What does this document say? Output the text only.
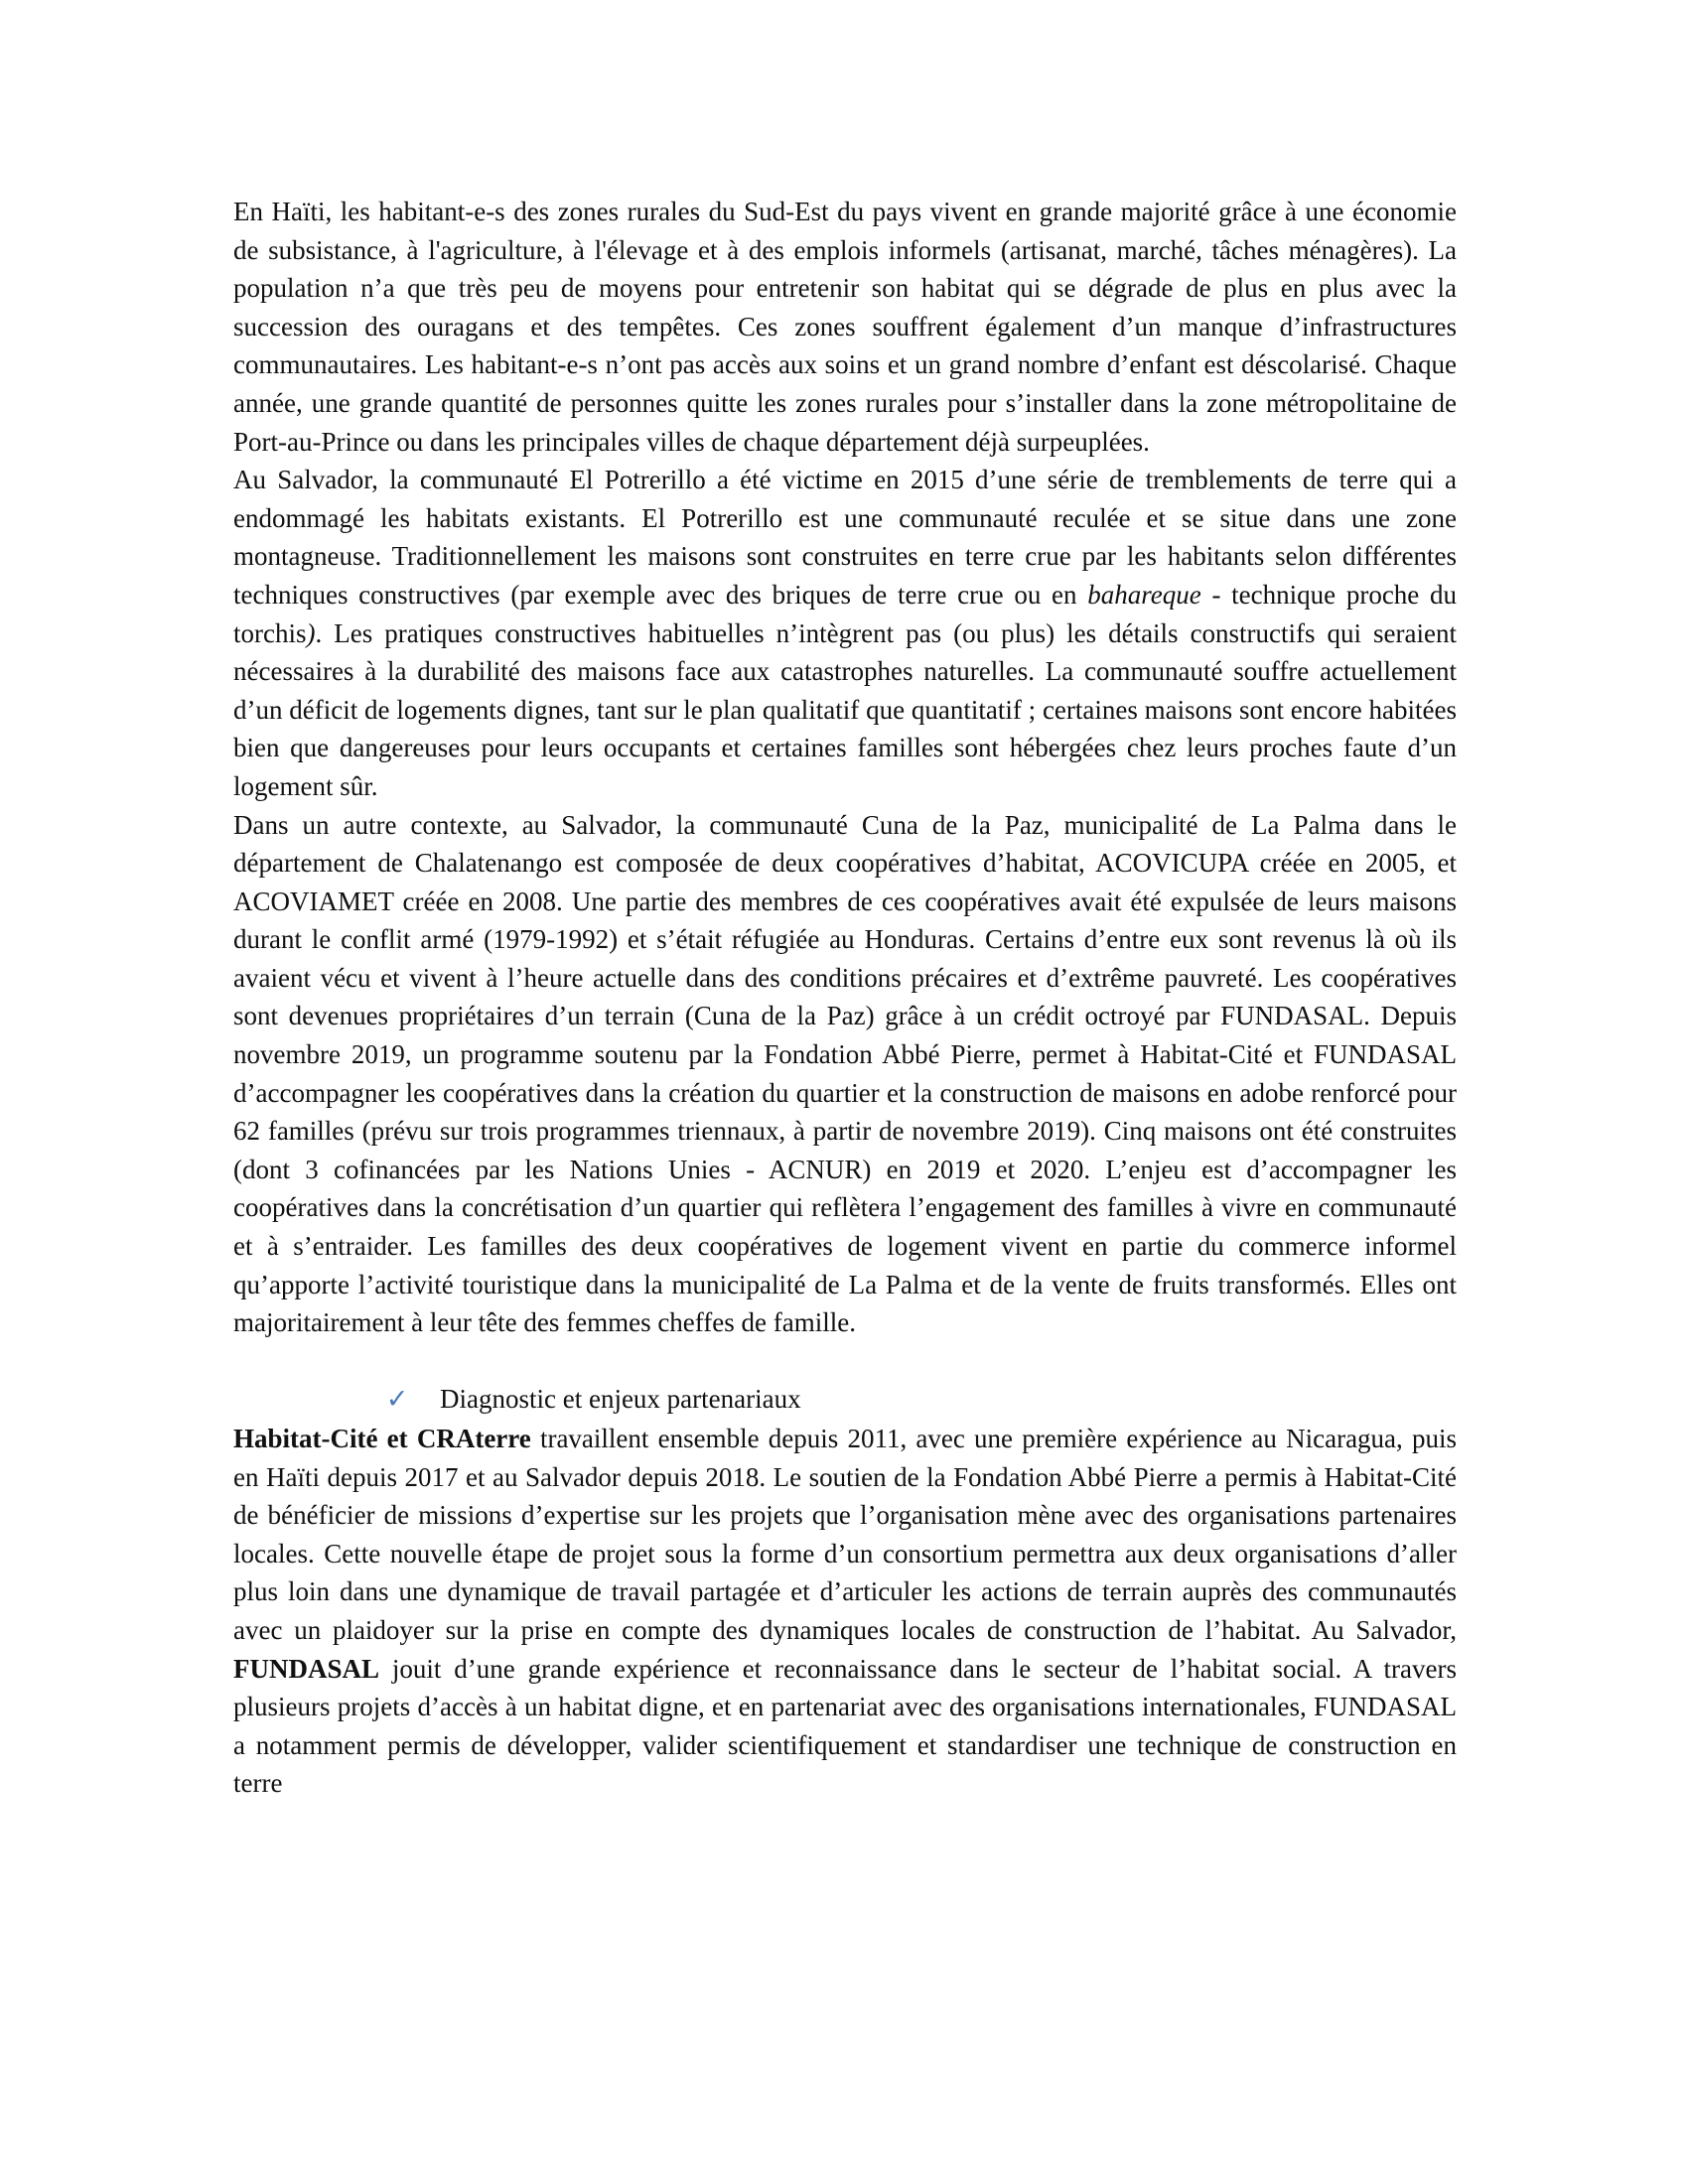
En Haïti, les habitant-e-s des zones rurales du Sud-Est du pays vivent en grande majorité grâce à une économie de subsistance, à l'agriculture, à l'élevage et à des emplois informels (artisanat, marché, tâches ménagères). La population n’a que très peu de moyens pour entretenir son habitat qui se dégrade de plus en plus avec la succession des ouragans et des tempêtes. Ces zones souffrent également d’un manque d’infrastructures communautaires. Les habitant-e-s n’ont pas accès aux soins et un grand nombre d’enfant est déscolarisé. Chaque année, une grande quantité de personnes quitte les zones rurales pour s’installer dans la zone métropolitaine de Port-au-Prince ou dans les principales villes de chaque département déjà surpeuplées.

Au Salvador, la communauté El Potrerillo a été victime en 2015 d’une série de tremblements de terre qui a endommagé les habitats existants. El Potrerillo est une communauté reculée et se situe dans une zone montagneuse. Traditionnellement les maisons sont construites en terre crue par les habitants selon différentes techniques constructives (par exemple avec des briques de terre crue ou en bahareque - technique proche du torchis). Les pratiques constructives habituelles n’intègrent pas (ou plus) les détails constructifs qui seraient nécessaires à la durabilité des maisons face aux catastrophes naturelles. La communauté souffre actuellement d’un déficit de logements dignes, tant sur le plan qualitatif que quantitatif ; certaines maisons sont encore habitées bien que dangereuses pour leurs occupants et certaines familles sont hébergées chez leurs proches faute d’un logement sûr.

Dans un autre contexte, au Salvador, la communauté Cuna de la Paz, municipalité de La Palma dans le département de Chalatenango est composée de deux coopératives d’habitat, ACOVICUPA créée en 2005, et ACOVIAMET créée en 2008. Une partie des membres de ces coopératives avait été expulsée de leurs maisons durant le conflit armé (1979-1992) et s’était réfugiée au Honduras. Certains d’entre eux sont revenus là où ils avaient vécu et vivent à l’heure actuelle dans des conditions précaires et d’extrême pauvreté. Les coopératives sont devenues propriétaires d’un terrain (Cuna de la Paz) grâce à un crédit octroyé par FUNDASAL. Depuis novembre 2019, un programme soutenu par la Fondation Abbé Pierre, permet à Habitat-Cité et FUNDASAL d’accompagner les coopératives dans la création du quartier et la construction de maisons en adobe renforcé pour 62 familles (prévu sur trois programmes triennaux, à partir de novembre 2019). Cinq maisons ont été construites (dont 3 cofinancées par les Nations Unies - ACNUR) en 2019 et 2020. L’enjeu est d’accompagner les coopératives dans la concrétisation d’un quartier qui reflètera l’engagement des familles à vivre en communauté et à s’entraider. Les familles des deux coopératives de logement vivent en partie du commerce informel qu’apporte l’activité touristique dans la municipalité de La Palma et de la vente de fruits transformés. Elles ont majoritairement à leur tête des femmes cheffes de famille.

✓ Diagnostic et enjeux partenariaux

Habitat-Cité et CRAterre travaillent ensemble depuis 2011, avec une première expérience au Nicaragua, puis en Haïti depuis 2017 et au Salvador depuis 2018. Le soutien de la Fondation Abbé Pierre a permis à Habitat-Cité de bénéficier de missions d’expertise sur les projets que l’organisation mène avec des organisations partenaires locales. Cette nouvelle étape de projet sous la forme d’un consortium permettra aux deux organisations d’aller plus loin dans une dynamique de travail partagée et d’articuler les actions de terrain auprès des communautés avec un plaidoyer sur la prise en compte des dynamiques locales de construction de l’habitat. Au Salvador, FUNDASAL jouit d’une grande expérience et reconnaissance dans le secteur de l’habitat social. A travers plusieurs projets d’accès à un habitat digne, et en partenariat avec des organisations internationales, FUNDASAL a notamment permis de développer, valider scientifiquement et standardiser une technique de construction en terre
